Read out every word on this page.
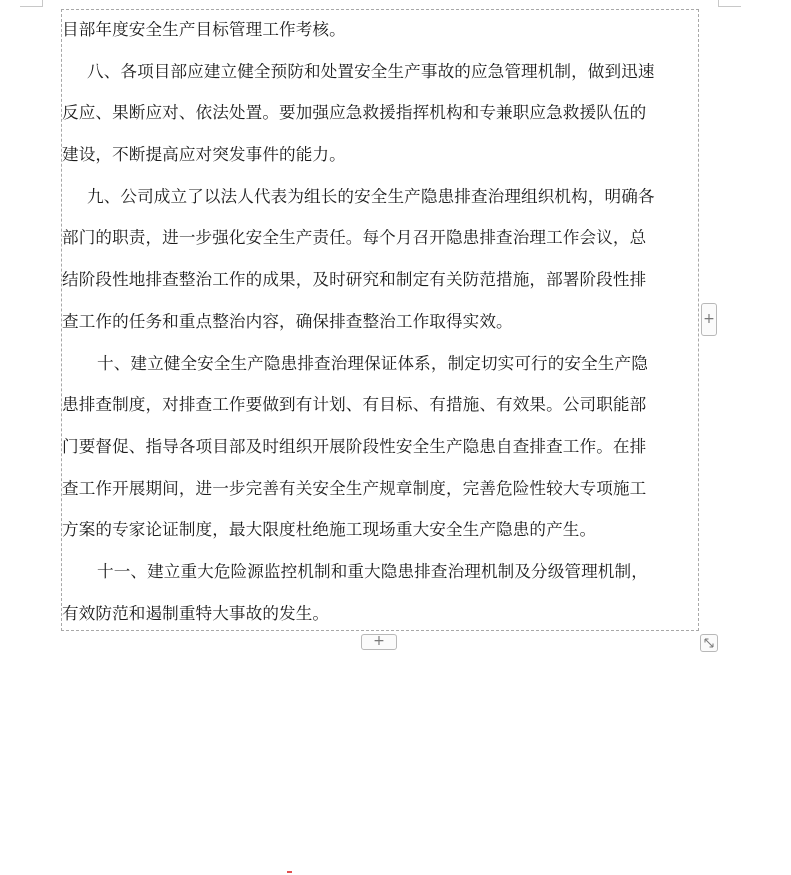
目部年度安全生产目标管理工作考核。
八、各项目部应建立健全预防和处置安全生产事故的应急管理机制，做到迅速
反应、果断应对、依法处置。要加强应急救援指挥机构和专兼职应急救援队伍的
建设，不断提高应对突发事件的能力。
九、公司成立了以法人代表为组长的安全生产隐患排查治理组织机构，明确各
部门的职责，进一步强化安全生产责任。每个月召开隐患排查治理工作会议，总
结阶段性地排查整治工作的成果，及时研究和制定有关防范措施，部署阶段性排
查工作的任务和重点整治内容，确保排查整治工作取得实效。
十、建立健全安全生产隐患排查治理保证体系，制定切实可行的安全生产隐
患排查制度，对排查工作要做到有计划、有目标、有措施、有效果。公司职能部
门要督促、指导各项目部及时组织开展阶段性安全生产隐患自查排查工作。在排
查工作开展期间，进一步完善有关安全生产规章制度，完善危险性较大专项施工
方案的专家论证制度，最大限度杜绝施工现场重大安全生产隐患的产生。
十一、建立重大危险源监控机制和重大隐患排查治理机制及分级管理机制，
有效防范和遏制重特大事故的发生。
+
+
